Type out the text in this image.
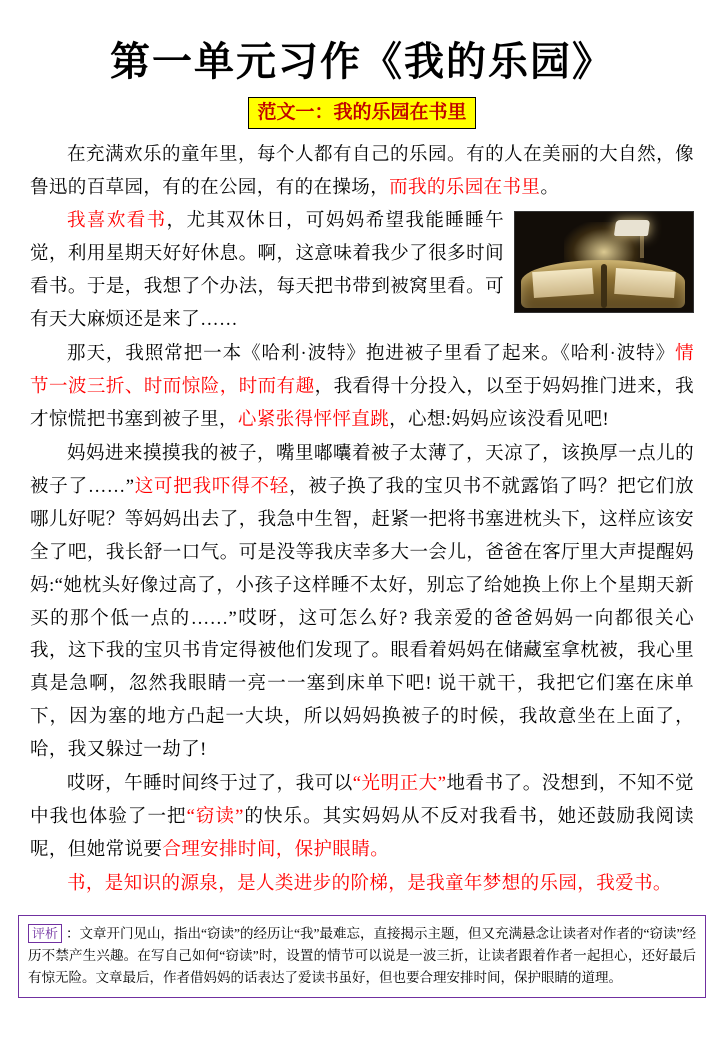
第一单元习作《我的乐园》
范文一：我的乐园在书里

在充满欢乐的童年里，每个人都有自己的乐园。有的人在美丽的大自然，像鲁迅的百草园，有的在公园，有的在操场，而我的乐园在书里。

我喜欢看书，尤其双休日，可妈妈希望我能睡睡午觉，利用星期天好好休息。啊，这意味着我少了很多时间看书。于是，我想了个办法，每天把书带到被窝里看。可有天大麻烦还是来了……

那天，我照常把一本《哈利·波特》抱进被子里看了起来。《哈利·波特》情节一波三折、时而惊险，时而有趣，我看得十分投入，以至于妈妈推门进来，我才惊慌把书塞到被子里，心紧张得怦怦直跳，心想:妈妈应该没看见吧!

妈妈进来摸摸我的被子，嘴里嘟囔着被子太薄了，天凉了，该换厚一点儿的被子了……”这可把我吓得不轻，被子换了我的宝贝书不就露馅了吗？把它们放哪儿好呢？等妈妈出去了，我急中生智，赶紧一把将书塞进枕头下，这样应该安全了吧，我长舒一口气。可是没等我庆幸多大一会儿，爸爸在客厅里大声提醒妈妈:“她枕头好像过高了，小孩子这样睡不太好，别忘了给她换上你上个星期天新买的那个低一点的……”哎呀，这可怎么好? 我亲爱的爸爸妈妈一向都很关心我，这下我的宝贝书肯定得被他们发现了。眼看着妈妈在储藏室拿枕被，我心里真是急啊，忽然我眼睛一亮一一塞到床单下吧! 说干就干，我把它们塞在床单下，因为塞的地方凸起一大块，所以妈妈换被子的时候，我故意坐在上面了，哈，我又躲过一劫了!

哎呀，午睡时间终于过了，我可以“光明正大”地看书了。没想到，不知不觉中我也体验了一把“窃读”的快乐。其实妈妈从不反对我看书，她还鼓励我阅读呢，但她常说要合理安排时间，保护眼睛。

书，是知识的源泉，是人类进步的阶梯，是我童年梦想的乐园，我爱书。

评析 ：文章开门见山，指出“窃读”的经历让“我”最难忘，直接揭示主题，但又充满悬念让读者对作者的“窃读”经历不禁产生兴趣。在写自己如何“窃读”时，设置的情节可以说是一波三折，让读者跟着作者一起担心，还好最后有惊无险。文章最后，作者借妈妈的话表达了爱读书虽好，但也要合理安排时间，保护眼睛的道理。
